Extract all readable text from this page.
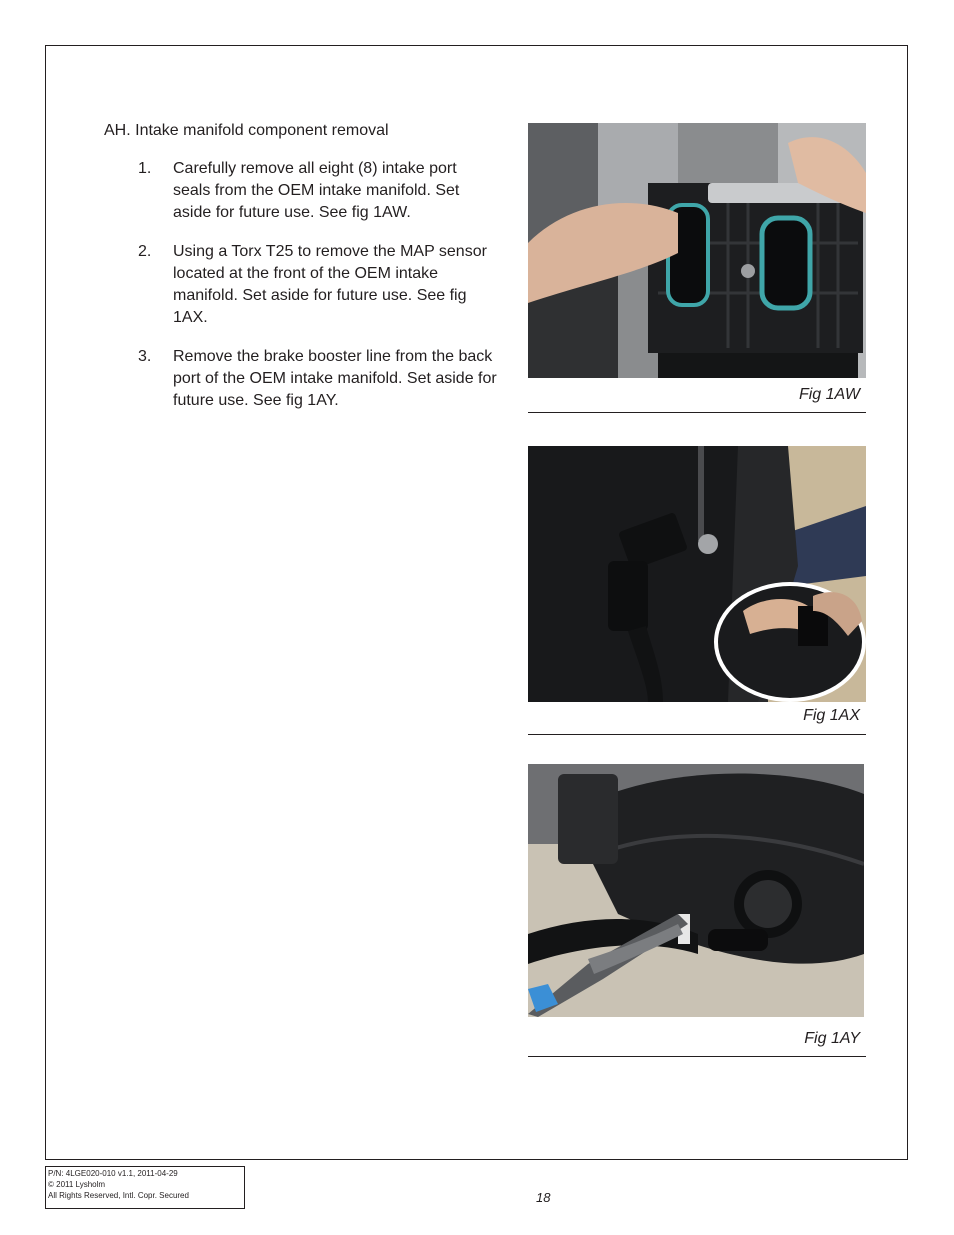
AH. Intake manifold component removal
1. Carefully remove all eight (8) intake port seals from the OEM intake manifold. Set aside for future use. See fig 1AW.
2. Using a Torx T25 to remove the MAP sensor located at the front of the OEM intake manifold. Set aside for future use. See fig 1AX.
3. Remove the brake booster line from the back port of the OEM intake manifold. Set aside for future use. See fig 1AY.	Fig 1AW
Fig 1AX
Fig 1AY
P/N: 4LGE020-010 v1.1, 2011-04-29
© 2011 Lysholm
All Rights Reserved, Intl. Copr. Secured	18
